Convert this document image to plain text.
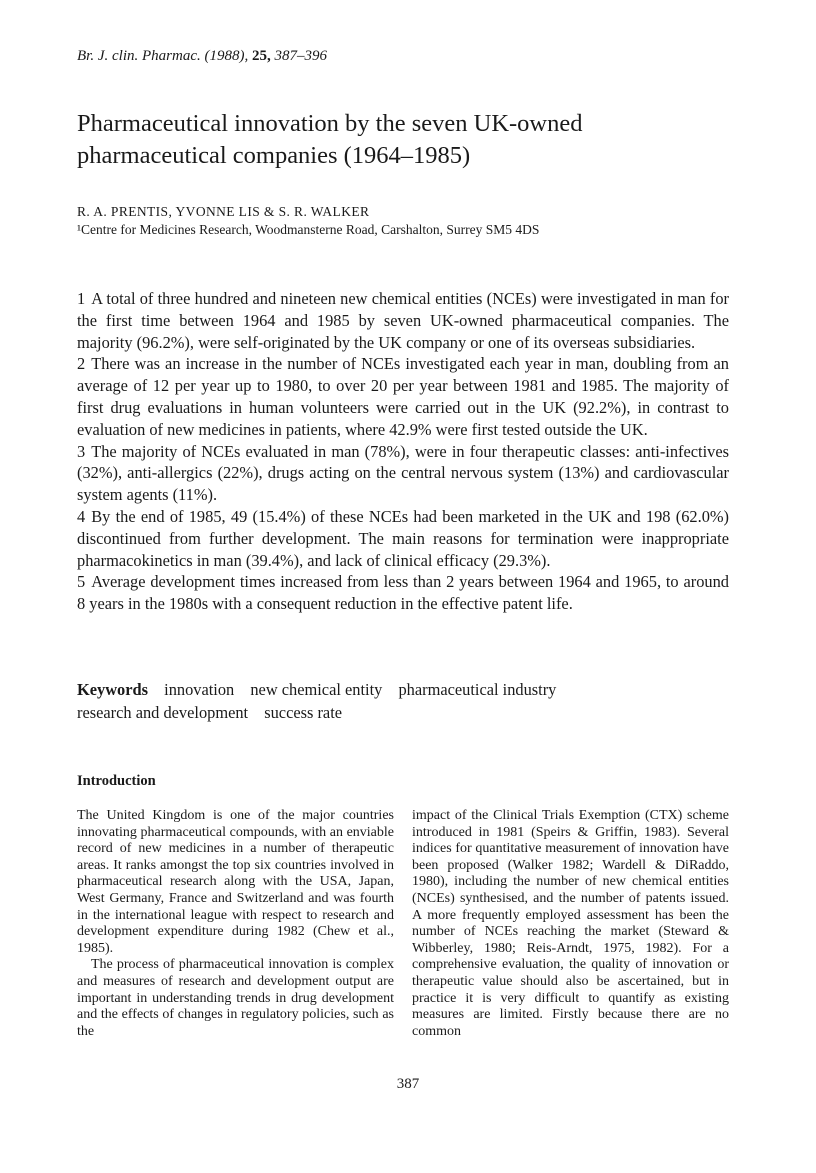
Br. J. clin. Pharmac. (1988), 25, 387–396
Pharmaceutical innovation by the seven UK-owned pharmaceutical companies (1964–1985)
R. A. PRENTIS, YVONNE LIS & S. R. WALKER
¹Centre for Medicines Research, Woodmansterne Road, Carshalton, Surrey SM5 4DS

1 A total of three hundred and nineteen new chemical entities (NCEs) were investigated in man for the first time between 1964 and 1985 by seven UK-owned pharmaceutical companies. The majority (96.2%), were self-originated by the UK company or one of its overseas subsidiaries.

2 There was an increase in the number of NCEs investigated each year in man, doubling from an average of 12 per year up to 1980, to over 20 per year between 1981 and 1985. The majority of first drug evaluations in human volunteers were carried out in the UK (92.2%), in contrast to evaluation of new medicines in patients, where 42.9% were first tested outside the UK.

3 The majority of NCEs evaluated in man (78%), were in four therapeutic classes: anti-infectives (32%), anti-allergics (22%), drugs acting on the central nervous system (13%) and cardiovascular system agents (11%).

4 By the end of 1985, 49 (15.4%) of these NCEs had been marketed in the UK and 198 (62.0%) discontinued from further development. The main reasons for termination were inappropriate pharmacokinetics in man (39.4%), and lack of clinical efficacy (29.3%).

5 Average development times increased from less than 2 years between 1964 and 1965, to around 8 years in the 1980s with a consequent reduction in the effective patent life.

Keywords innovation new chemical entity pharmaceutical industry
research and development success rate
Introduction

The United Kingdom is one of the major countries innovating pharmaceutical compounds, with an enviable record of new medicines in a number of therapeutic areas. It ranks amongst the top six countries involved in pharmaceutical research along with the USA, Japan, West Germany, France and Switzerland and was fourth in the international league with respect to research and development expenditure during 1982 (Chew et al., 1985).

The process of pharmaceutical innovation is complex and measures of research and development output are important in understanding trends in drug development and the effects of changes in regulatory policies, such as the

impact of the Clinical Trials Exemption (CTX) scheme introduced in 1981 (Speirs & Griffin, 1983). Several indices for quantitative measurement of innovation have been proposed (Walker 1982; Wardell & DiRaddo, 1980), including the number of new chemical entities (NCEs) synthesised, and the number of patents issued. A more frequently employed assessment has been the number of NCEs reaching the market (Steward & Wibberley, 1980; Reis-Arndt, 1975, 1982). For a comprehensive evaluation, the quality of innovation or therapeutic value should also be ascertained, but in practice it is very difficult to quantify as existing measures are limited. Firstly because there are no common

387
